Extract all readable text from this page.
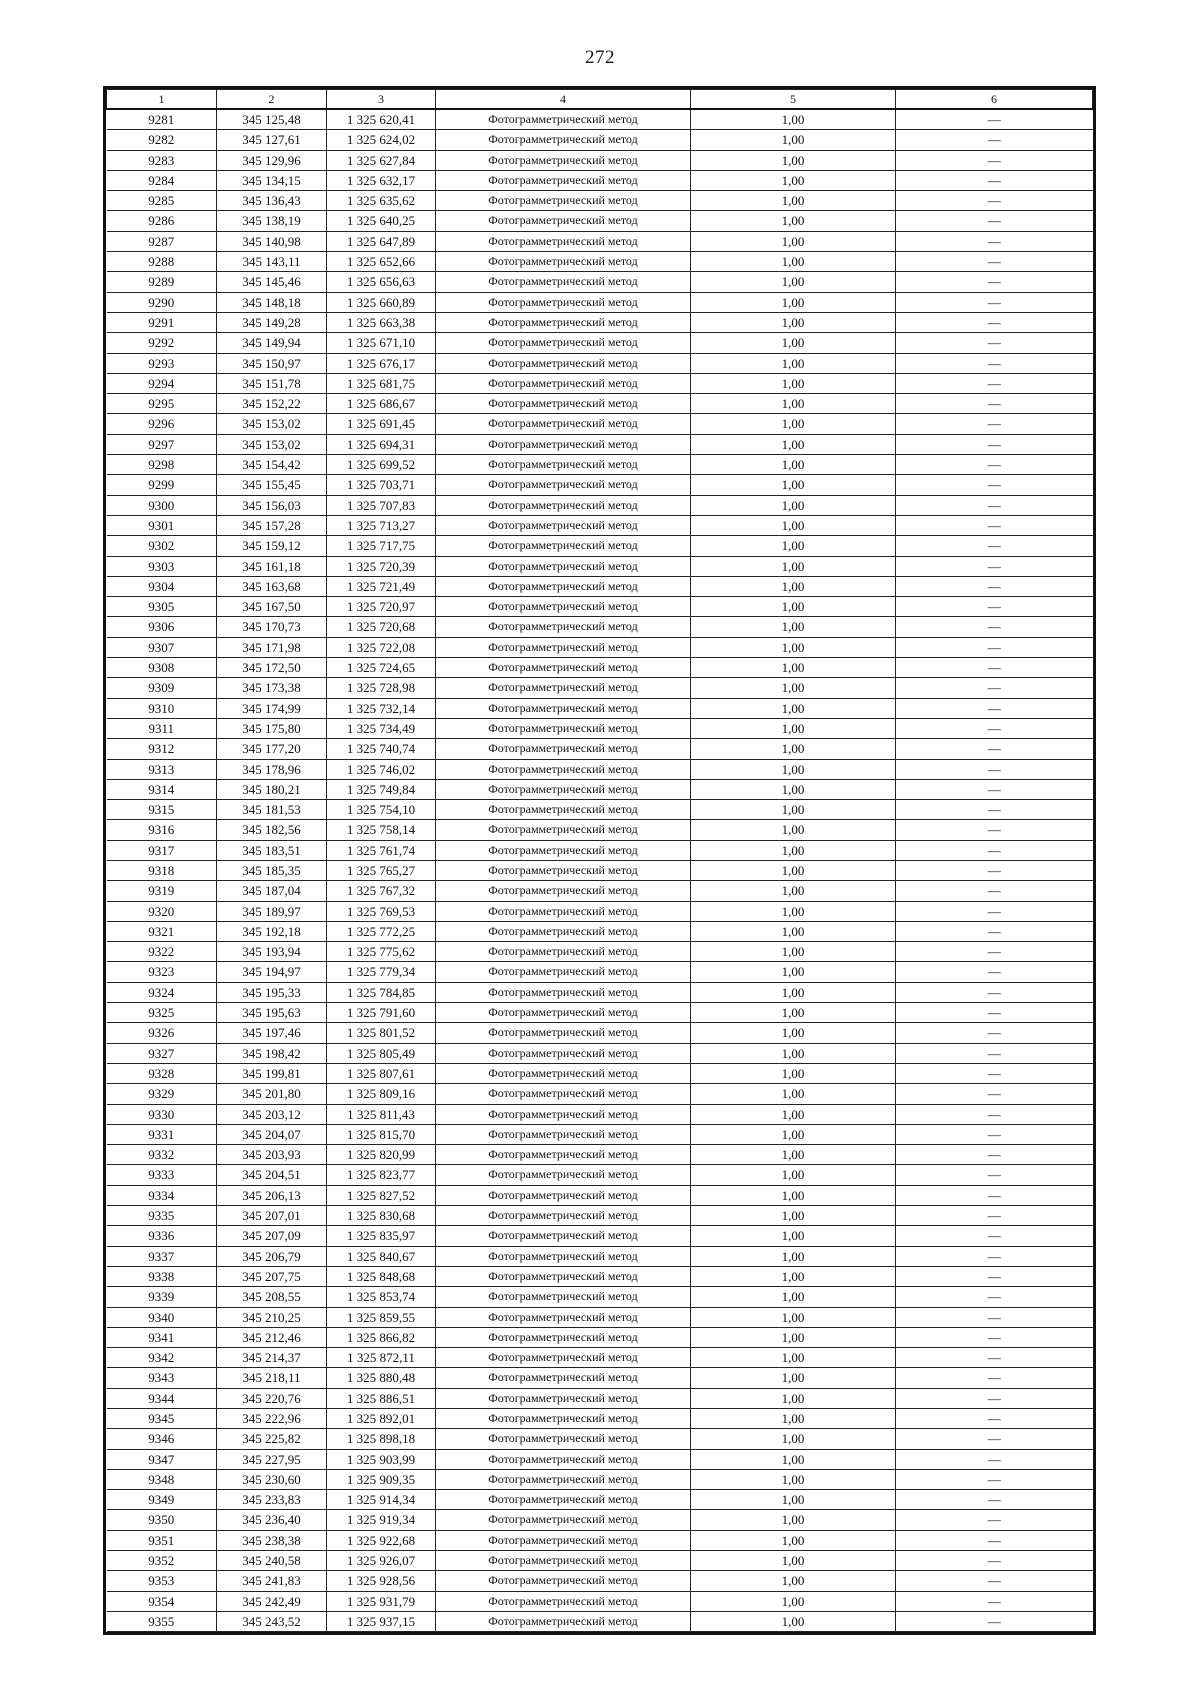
272
1	2	3	4	5	6
9281	345 125,48	1 325 620,41	Фотограмметрический метод	1,00	—
9282	345 127,61	1 325 624,02	Фотограмметрический метод	1,00	—
9283	345 129,96	1 325 627,84	Фотограмметрический метод	1,00	—
9284	345 134,15	1 325 632,17	Фотограмметрический метод	1,00	—
9285	345 136,43	1 325 635,62	Фотограмметрический метод	1,00	—
9286	345 138,19	1 325 640,25	Фотограмметрический метод	1,00	—
9287	345 140,98	1 325 647,89	Фотограмметрический метод	1,00	—
9288	345 143,11	1 325 652,66	Фотограмметрический метод	1,00	—
9289	345 145,46	1 325 656,63	Фотограмметрический метод	1,00	—
9290	345 148,18	1 325 660,89	Фотограмметрический метод	1,00	—
9291	345 149,28	1 325 663,38	Фотограмметрический метод	1,00	—
9292	345 149,94	1 325 671,10	Фотограмметрический метод	1,00	—
9293	345 150,97	1 325 676,17	Фотограмметрический метод	1,00	—
9294	345 151,78	1 325 681,75	Фотограмметрический метод	1,00	—
9295	345 152,22	1 325 686,67	Фотограмметрический метод	1,00	—
9296	345 153,02	1 325 691,45	Фотограмметрический метод	1,00	—
9297	345 153,02	1 325 694,31	Фотограмметрический метод	1,00	—
9298	345 154,42	1 325 699,52	Фотограмметрический метод	1,00	—
9299	345 155,45	1 325 703,71	Фотограмметрический метод	1,00	—
9300	345 156,03	1 325 707,83	Фотограмметрический метод	1,00	—
9301	345 157,28	1 325 713,27	Фотограмметрический метод	1,00	—
9302	345 159,12	1 325 717,75	Фотограмметрический метод	1,00	—
9303	345 161,18	1 325 720,39	Фотограмметрический метод	1,00	—
9304	345 163,68	1 325 721,49	Фотограмметрический метод	1,00	—
9305	345 167,50	1 325 720,97	Фотограмметрический метод	1,00	—
9306	345 170,73	1 325 720,68	Фотограмметрический метод	1,00	—
9307	345 171,98	1 325 722,08	Фотограмметрический метод	1,00	—
9308	345 172,50	1 325 724,65	Фотограмметрический метод	1,00	—
9309	345 173,38	1 325 728,98	Фотограмметрический метод	1,00	—
9310	345 174,99	1 325 732,14	Фотограмметрический метод	1,00	—
9311	345 175,80	1 325 734,49	Фотограмметрический метод	1,00	—
9312	345 177,20	1 325 740,74	Фотограмметрический метод	1,00	—
9313	345 178,96	1 325 746,02	Фотограмметрический метод	1,00	—
9314	345 180,21	1 325 749,84	Фотограмметрический метод	1,00	—
9315	345 181,53	1 325 754,10	Фотограмметрический метод	1,00	—
9316	345 182,56	1 325 758,14	Фотограмметрический метод	1,00	—
9317	345 183,51	1 325 761,74	Фотограмметрический метод	1,00	—
9318	345 185,35	1 325 765,27	Фотограмметрический метод	1,00	—
9319	345 187,04	1 325 767,32	Фотограмметрический метод	1,00	—
9320	345 189,97	1 325 769,53	Фотограмметрический метод	1,00	—
9321	345 192,18	1 325 772,25	Фотограмметрический метод	1,00	—
9322	345 193,94	1 325 775,62	Фотограмметрический метод	1,00	—
9323	345 194,97	1 325 779,34	Фотограмметрический метод	1,00	—
9324	345 195,33	1 325 784,85	Фотограмметрический метод	1,00	—
9325	345 195,63	1 325 791,60	Фотограмметрический метод	1,00	—
9326	345 197,46	1 325 801,52	Фотограмметрический метод	1,00	—
9327	345 198,42	1 325 805,49	Фотограмметрический метод	1,00	—
9328	345 199,81	1 325 807,61	Фотограмметрический метод	1,00	—
9329	345 201,80	1 325 809,16	Фотограмметрический метод	1,00	—
9330	345 203,12	1 325 811,43	Фотограмметрический метод	1,00	—
9331	345 204,07	1 325 815,70	Фотограмметрический метод	1,00	—
9332	345 203,93	1 325 820,99	Фотограмметрический метод	1,00	—
9333	345 204,51	1 325 823,77	Фотограмметрический метод	1,00	—
9334	345 206,13	1 325 827,52	Фотограмметрический метод	1,00	—
9335	345 207,01	1 325 830,68	Фотограмметрический метод	1,00	—
9336	345 207,09	1 325 835,97	Фотограмметрический метод	1,00	—
9337	345 206,79	1 325 840,67	Фотограмметрический метод	1,00	—
9338	345 207,75	1 325 848,68	Фотограмметрический метод	1,00	—
9339	345 208,55	1 325 853,74	Фотограмметрический метод	1,00	—
9340	345 210,25	1 325 859,55	Фотограмметрический метод	1,00	—
9341	345 212,46	1 325 866,82	Фотограмметрический метод	1,00	—
9342	345 214,37	1 325 872,11	Фотограмметрический метод	1,00	—
9343	345 218,11	1 325 880,48	Фотограмметрический метод	1,00	—
9344	345 220,76	1 325 886,51	Фотограмметрический метод	1,00	—
9345	345 222,96	1 325 892,01	Фотограмметрический метод	1,00	—
9346	345 225,82	1 325 898,18	Фотограмметрический метод	1,00	—
9347	345 227,95	1 325 903,99	Фотограмметрический метод	1,00	—
9348	345 230,60	1 325 909,35	Фотограмметрический метод	1,00	—
9349	345 233,83	1 325 914,34	Фотограмметрический метод	1,00	—
9350	345 236,40	1 325 919,34	Фотограмметрический метод	1,00	—
9351	345 238,38	1 325 922,68	Фотограмметрический метод	1,00	—
9352	345 240,58	1 325 926,07	Фотограмметрический метод	1,00	—
9353	345 241,83	1 325 928,56	Фотограмметрический метод	1,00	—
9354	345 242,49	1 325 931,79	Фотограмметрический метод	1,00	—
9355	345 243,52	1 325 937,15	Фотограмметрический метод	1,00	—
